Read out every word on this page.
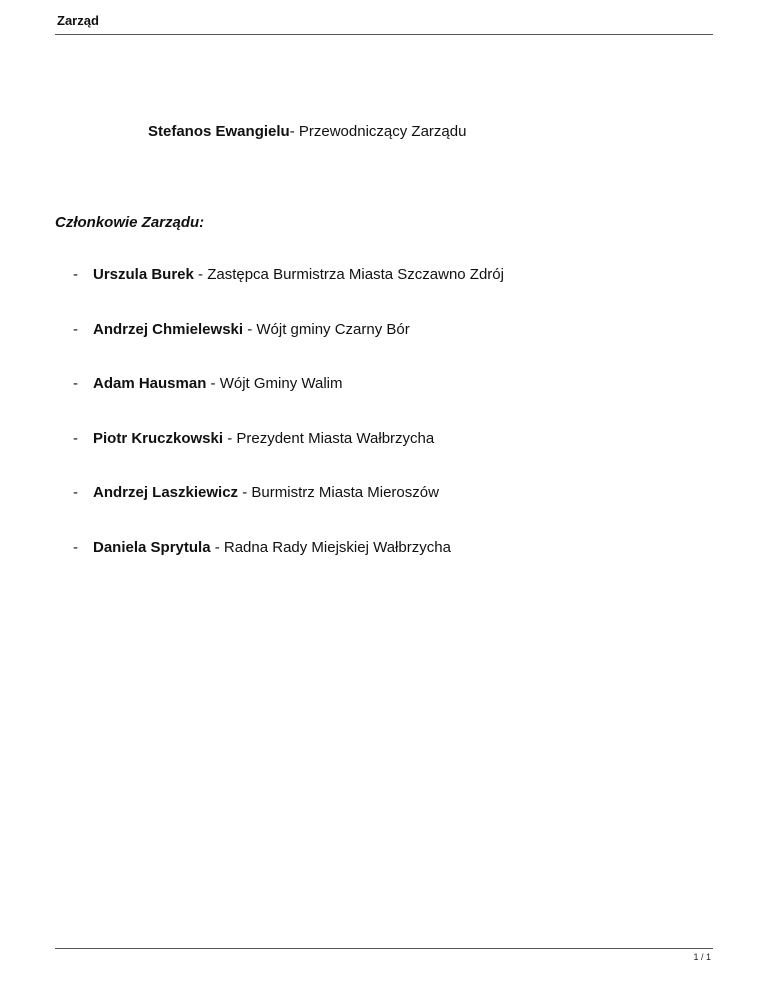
Zarząd
Stefanos Ewangielu- Przewodniczący Zarządu
Członkowie Zarządu:
- Urszula Burek - Zastępca Burmistrza Miasta Szczawno Zdrój
- Andrzej Chmielewski - Wójt gminy Czarny Bór
- Adam Hausman - Wójt Gminy Walim
- Piotr Kruczkowski - Prezydent Miasta Wałbrzycha
- Andrzej Laszkiewicz - Burmistrz Miasta Mieroszów
- Daniela Sprytula - Radna Rady Miejskiej Wałbrzycha
1 / 1
